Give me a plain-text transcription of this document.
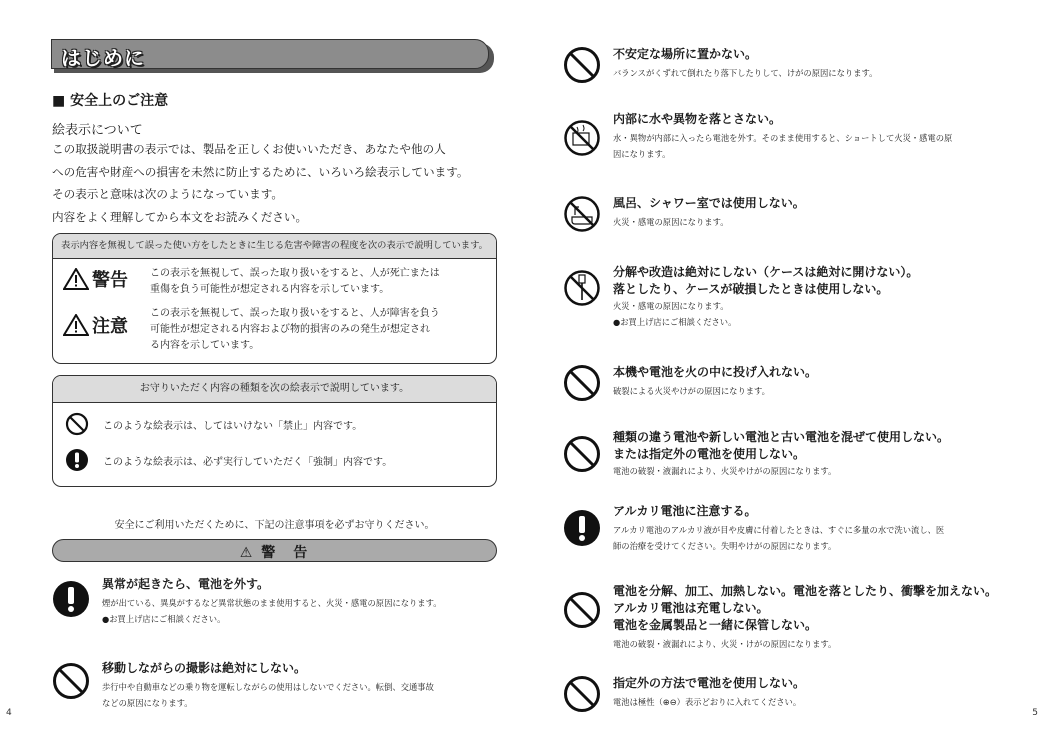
はじめに
■ 安全上のご注意
絵表示について
この取扱説明書の表示では、製品を正しくお使いいただき、あなたや他の人
への危害や財産への損害を未然に防止するために、いろいろ絵表示しています。
その表示と意味は次のようになっています。
内容をよく理解してから本文をお読みください。
表示内容を無視して誤った使い方をしたときに生じる危害や障害の程度を次の表示で説明しています。
警告 この表示を無視して、誤った取り扱いをすると、人が死亡または
重傷を負う可能性が想定される内容を示しています。
注意
この表示を無視して、誤った取り扱いをすると、人が障害を負う
可能性が想定される内容および物的損害のみの発生が想定され
る内容を示しています。
お守りいただく内容の種類を次の絵表示で説明しています。
このような絵表示は、してはいけない「禁止」内容です。
このような絵表示は、必ず実行していただく「強制」内容です。
安全にご利用いただくために、下記の注意事項を必ずお守りください。
⚠ 警　告
異常が起きたら、電池を外す。
煙が出ている、異臭がするなど異常状態のまま使用すると、火災・感電の原因になります。
●お買上げ店にご相談ください。
移動しながらの撮影は絶対にしない。
歩行中や自動車などの乗り物を運転しながらの使用はしないでください。転倒、交通事故
などの原因になります。
4
不安定な場所に置かない。
バランスがくずれて倒れたり落下したりして、けがの原因になります。
内部に水や異物を落とさない。
水・異物が内部に入ったら電池を外す。そのまま使用すると、ショートして火災・感電の原
因になります。
風呂、シャワー室では使用しない。
火災・感電の原因になります。
分解や改造は絶対にしない（ケースは絶対に開けない）。
落としたり、ケースが破損したときは使用しない。
火災・感電の原因になります。
●お買上げ店にご相談ください。
本機や電池を火の中に投げ入れない。
破裂による火災やけがの原因になります。
種類の違う電池や新しい電池と古い電池を混ぜて使用しない。
または指定外の電池を使用しない。
電池の破裂・液漏れにより、火災やけがの原因になります。
アルカリ電池に注意する。
アルカリ電池のアルカリ液が目や皮膚に付着したときは、すぐに多量の水で洗い流し、医
師の治療を受けてください。失明やけがの原因になります。
電池を分解、加工、加熱しない。電池を落としたり、衝撃を加えない。
アルカリ電池は充電しない。
電池を金属製品と一緒に保管しない。
電池の破裂・液漏れにより、火災・けがの原因になります。
指定外の方法で電池を使用しない。
電池は極性（⊕⊖）表示どおりに入れてください。
5
